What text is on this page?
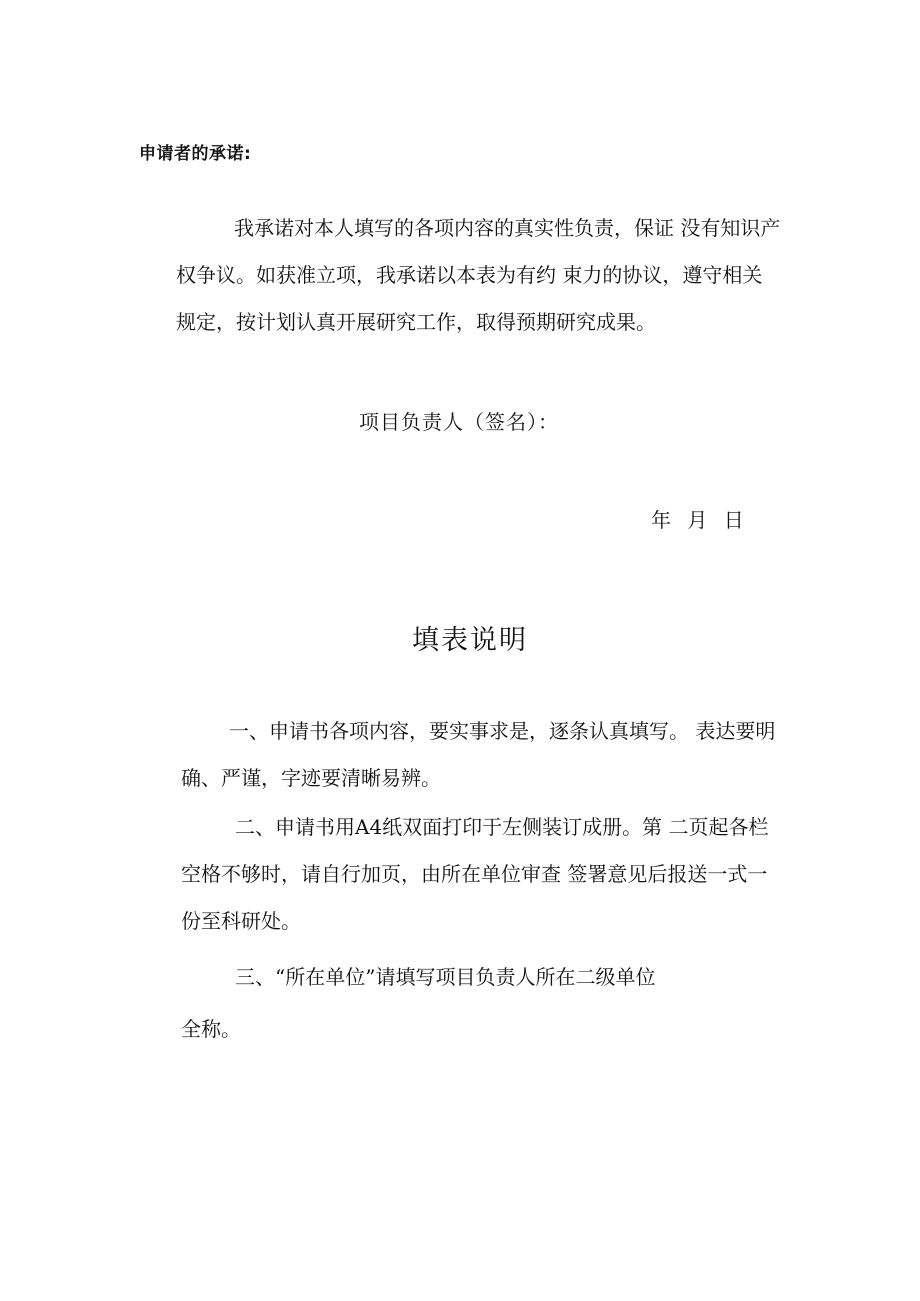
申请者的承诺:
我承诺对本人填写的各项内容的真实性负责，保证 没有知识产
权争议。如获准立项，我承诺以本表为有约 束力的协议，遵守相关
规定，按计划认真开展研究工作，取得预期研究成果。
项目负责人（签名）：
年 月 日
填表说明
一、申请书各项内容，要实事求是，逐条认真填写。 表达要明
确、严谨，字迹要清晰易辨。
二、申请书用A4纸双面打印于左侧装订成册。第 二页起各栏
空格不够时，请自行加页，由所在单位审查 签署意见后报送一式一
份至科研处。
三、“所在单位”请填写项目负责人所在二级单位
全称。
